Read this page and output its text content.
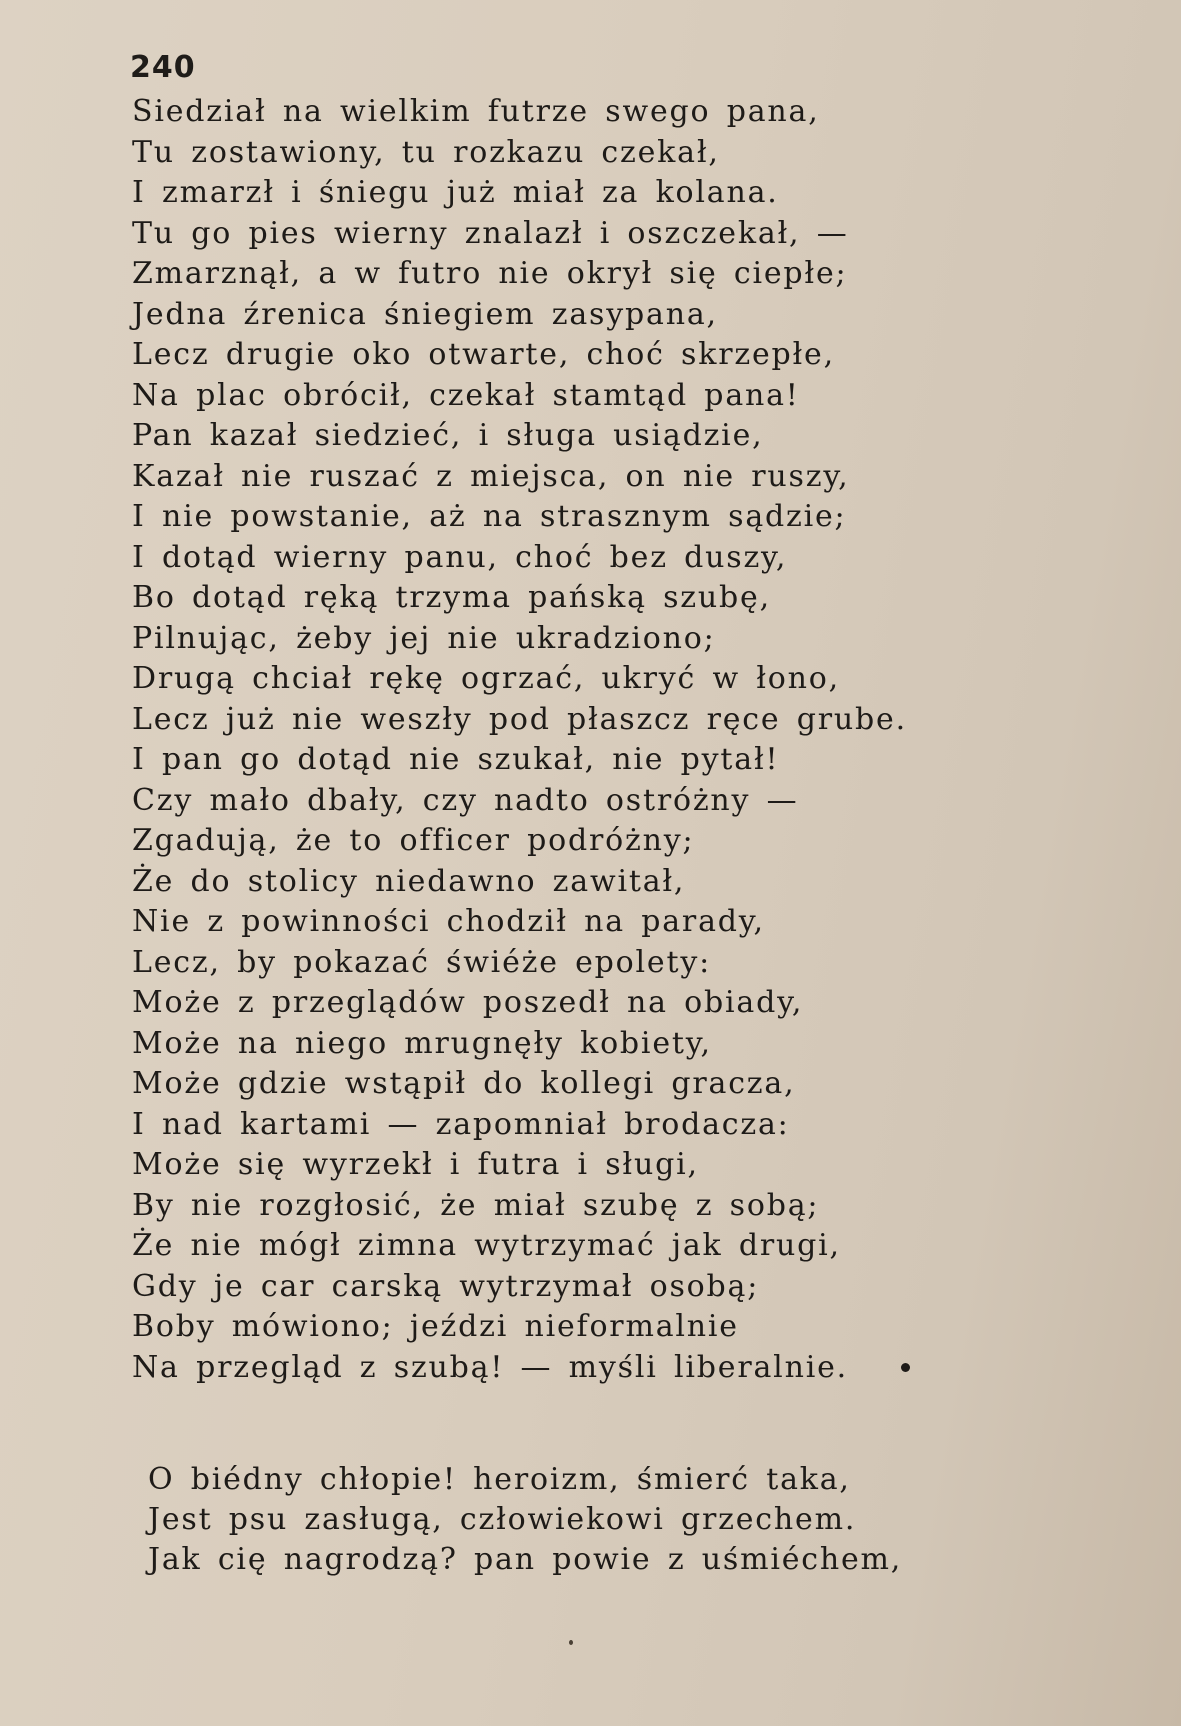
240
Siedział na wielkim futrze swego pana,
Tu zostawiony, tu rozkazu czekał,
I zmarzł i śniegu już miał za kolana.
Tu go pies wierny znalazł i oszczekał, —
Zmarznął, a w futro nie okrył się ciepłe;
Jedna źrenica śniegiem zasypana,
Lecz drugie oko otwarte, choć skrzepłe,
Na plac obrócił, czekał stamtąd pana!
Pan kazał siedzieć, i sługa usiądzie,
Kazał nie ruszać z miejsca, on nie ruszy,
I nie powstanie, aż na strasznym sądzie;
I dotąd wierny panu, choć bez duszy,
Bo dotąd ręką trzyma pańską szubę,
Pilnując, żeby jej nie ukradziono;
Drugą chciał rękę ogrzać, ukryć w łono,
Lecz już nie weszły pod płaszcz ręce grube.
I pan go dotąd nie szukał, nie pytał!
Czy mało dbały, czy nadto ostróżny —
Zgadują, że to officer podróżny;
Że do stolicy niedawno zawitał,
Nie z powinności chodził na parady,
Lecz, by pokazać świéże epolety:
Może z przeglądów poszedł na obiady,
Może na niego mrugnęły kobiety,
Może gdzie wstąpił do kollegi gracza,
I nad kartami — zapomniał brodacza:
Może się wyrzekł i futra i sługi,
By nie rozgłosić, że miał szubę z sobą;
Że nie mógł zimna wytrzymać jak drugi,
Gdy je car carską wytrzymał osobą;
Boby mówiono; jeździ nieformalnie
Na przegląd z szubą! — myśli liberalnie.
O biédny chłopie! heroizm, śmierć taka,
Jest psu zasługą, człowiekowi grzechem.
Jak cię nagrodzą? pan powie z uśmiéchem,
